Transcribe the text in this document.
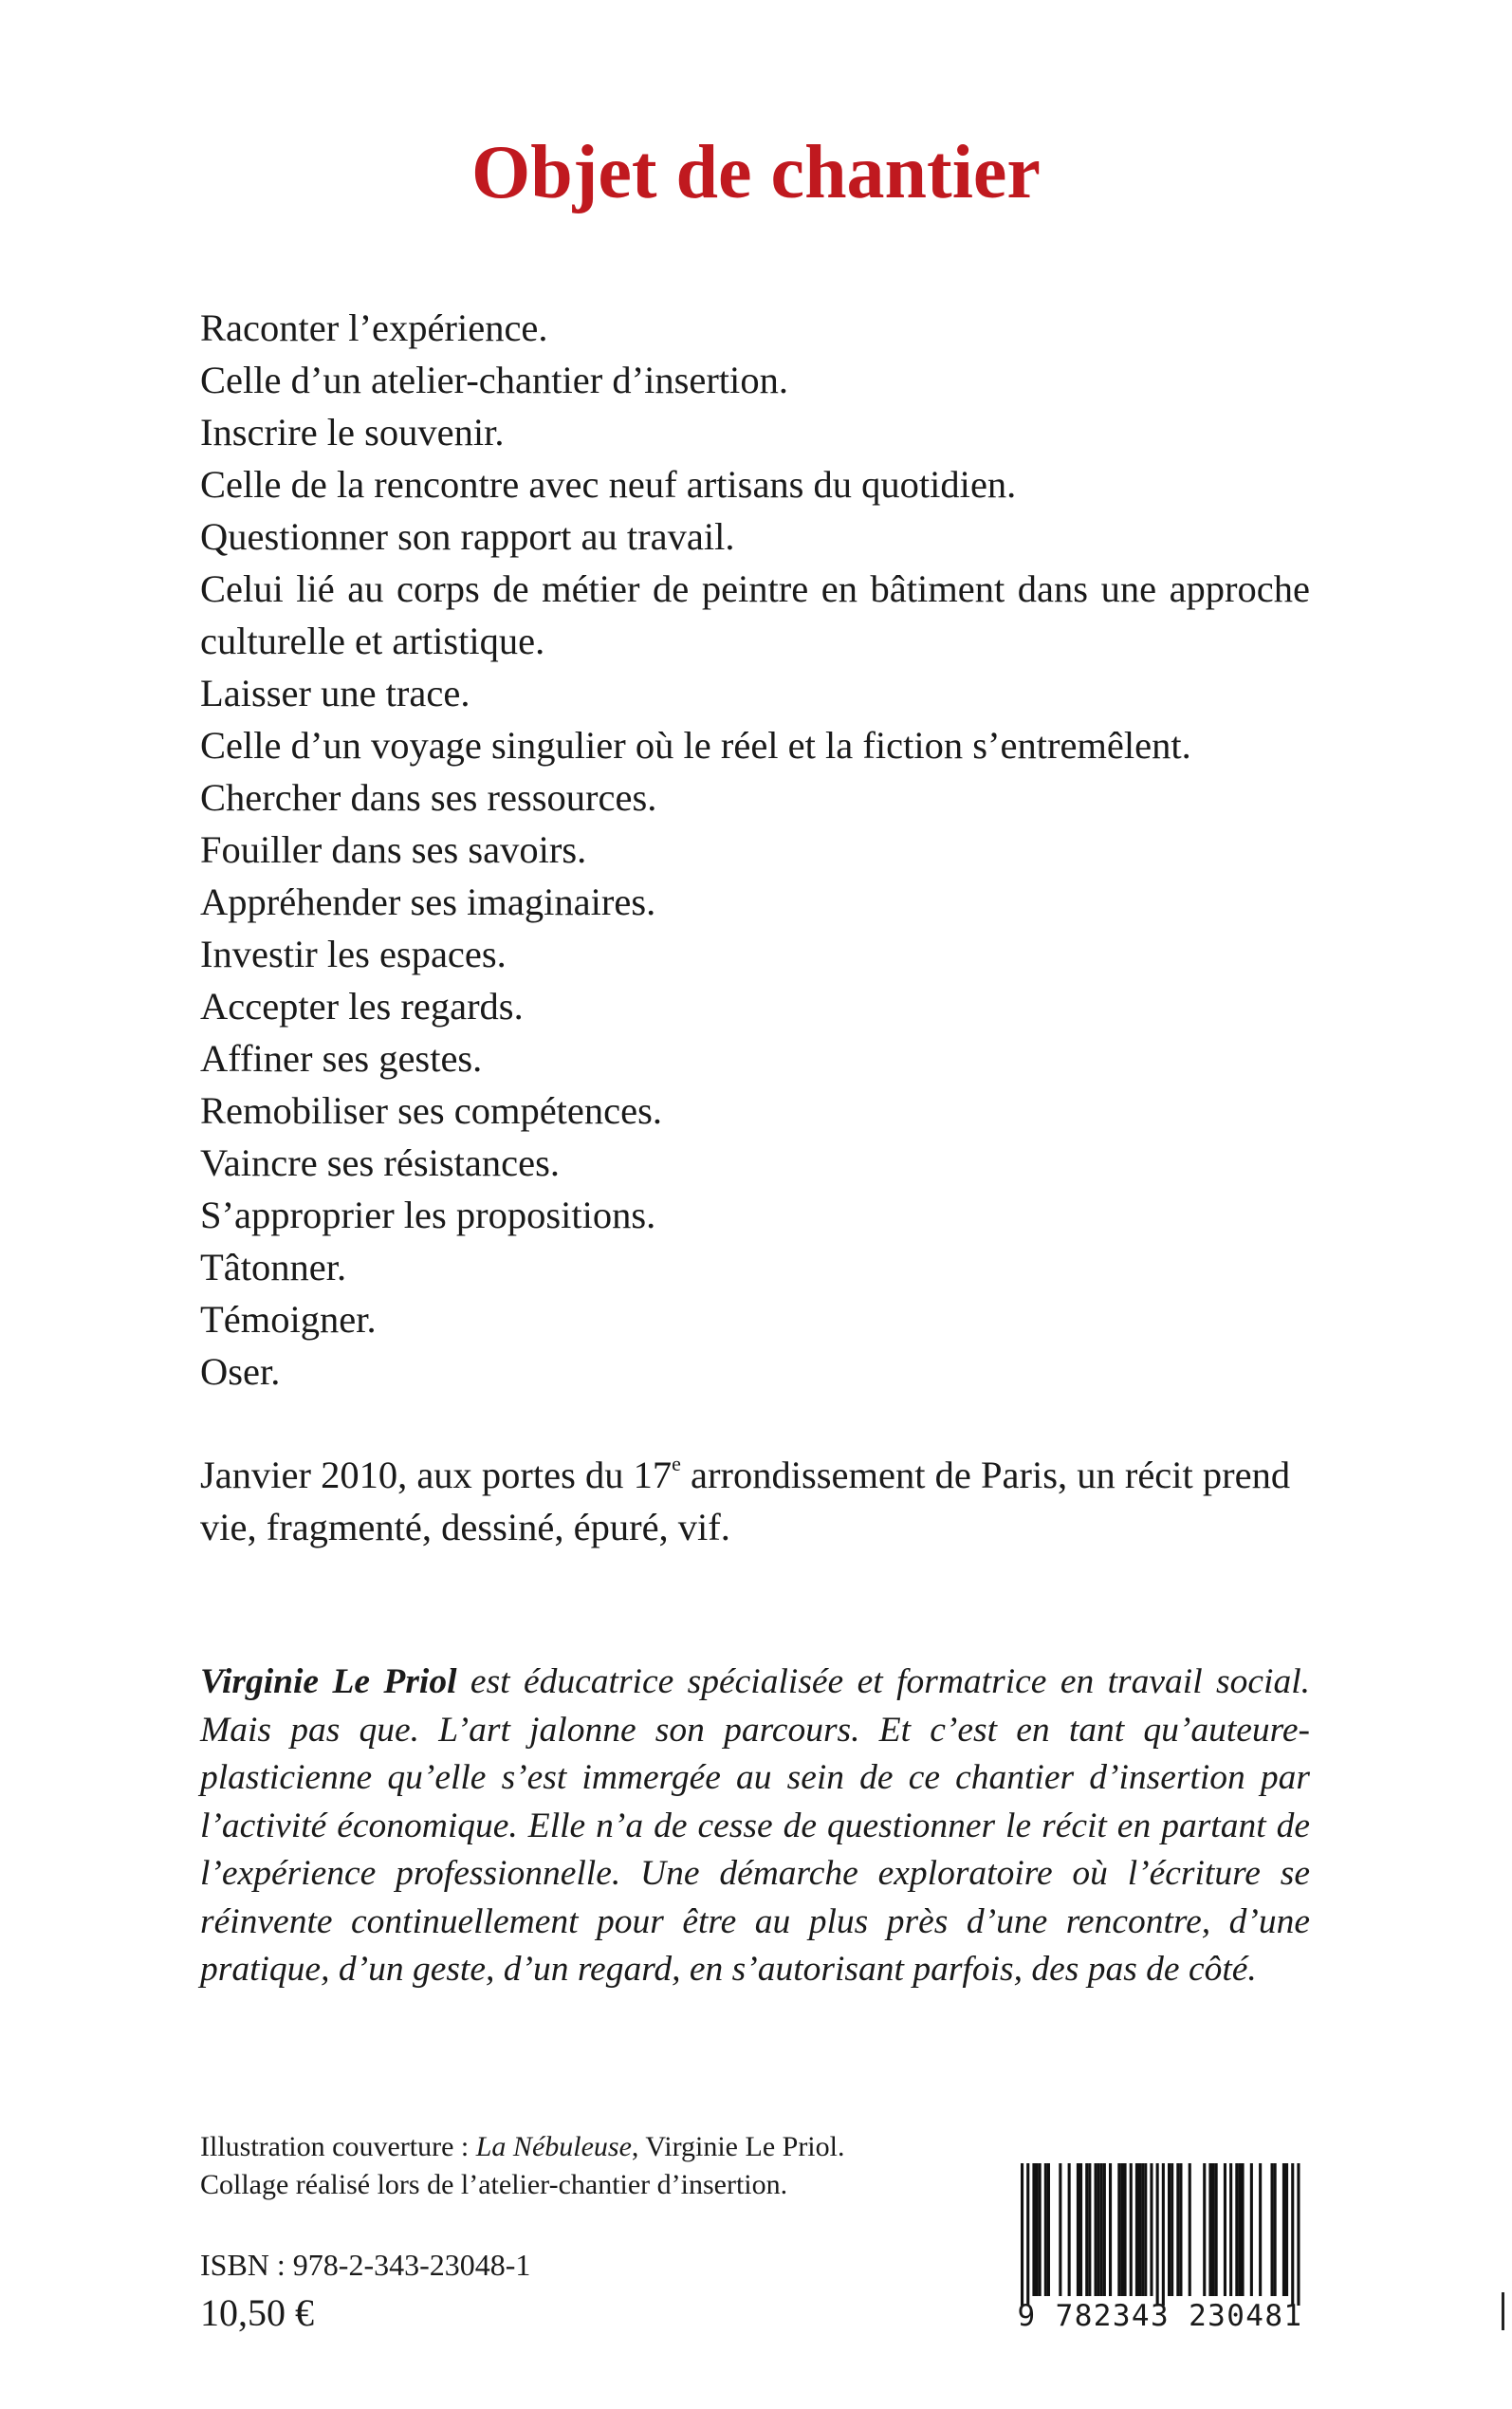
Objet de chantier
Raconter l’expérience.
Celle d’un atelier-chantier d’insertion.
Inscrire le souvenir.
Celle de la rencontre avec neuf artisans du quotidien.
Questionner son rapport au travail.
Celui lié au corps de métier de peintre en bâtiment dans une approche culturelle et artistique.
Laisser une trace.
Celle d’un voyage singulier où le réel et la fiction s’entremêlent.
Chercher dans ses ressources.
Fouiller dans ses savoirs.
Appréhender ses imaginaires.
Investir les espaces.
Accepter les regards.
Affiner ses gestes.
Remobiliser ses compétences.
Vaincre ses résistances.
S’approprier les propositions.
Tâtonner.
Témoigner.
Oser.

Janvier 2010, aux portes du 17e arrondissement de Paris, un récit prend vie, fragmenté, dessiné, épuré, vif.

Virginie Le Priol est éducatrice spécialisée et formatrice en travail social. Mais pas que. L’art jalonne son parcours. Et c’est en tant qu’auteure-plasticienne qu’elle s’est immergée au sein de ce chantier d’insertion par l’activité économique. Elle n’a de cesse de questionner le récit en partant de l’expérience professionnelle. Une démarche exploratoire où l’écriture se réinvente continuellement pour être au plus près d’une rencontre, d’une pratique, d’un geste, d’un regard, en s’autorisant parfois, des pas de côté.

Illustration couverture : La Nébuleuse, Virginie Le Priol.
Collage réalisé lors de l’atelier-chantier d’insertion.

ISBN : 978-2-343-23048-1

10,50 €	9 782343 230481
